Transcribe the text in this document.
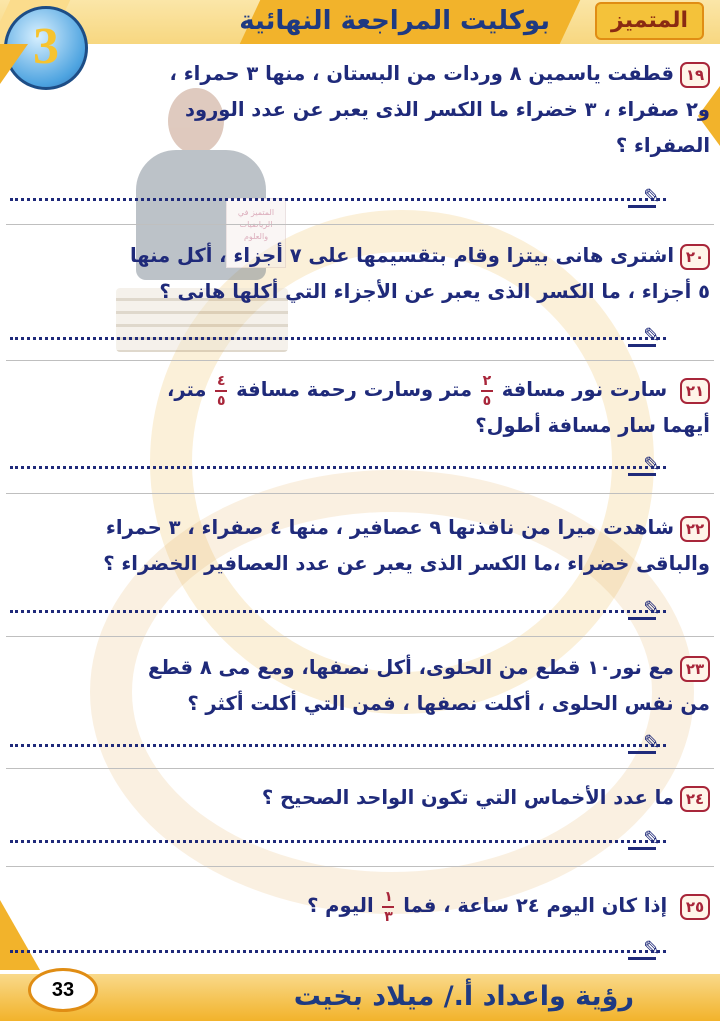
المتميز
بوكليت المراجعة النهائية
3
المتميز في الرياضيات والعلوم
١٩قطفت ياسمين ٨ وردات من البستان ، منها ٣ حمراء ،
و٢ صفراء ، ٣ خضراء ما الكسر الذى يعبر عن عدد الورود
الصفراء ؟
✎
٢٠اشترى هانى بيتزا وقام بتقسيمها على ٧ أجزاء ، أكل منها
٥ أجزاء ، ما الكسر الذى يعبر عن الأجزاء التي أكلها هانى ؟
✎
٢١ سارت نور مسافة
$\frac{٢}{٥}$
متر وسارت رحمة مسافة
$\frac{٤}{٥}$
متر،
أيهما سار مسافة أطول؟
✎
٢٢شاهدت ميرا من نافذتها ٩ عصافير ، منها ٤ صفراء ، ٣ حمراء
والباقى خضراء ،ما الكسر الذى يعبر عن عدد العصافير الخضراء ؟
✎
٢٣مع نور١٠ قطع من الحلوى، أكل نصفها، ومع مى ٨ قطع
من نفس الحلوى ، أكلت نصفها ، فمن التي أكلت أكثر ؟
✎
٢٤ما عدد الأخماس التي تكون الواحد الصحيح ؟
✎
٢٥ إذا كان اليوم ٢٤ ساعة ، فما
$\frac{١}{٣}$
اليوم ؟
✎
رؤية واعداد أ./ ميلاد بخيت
33
